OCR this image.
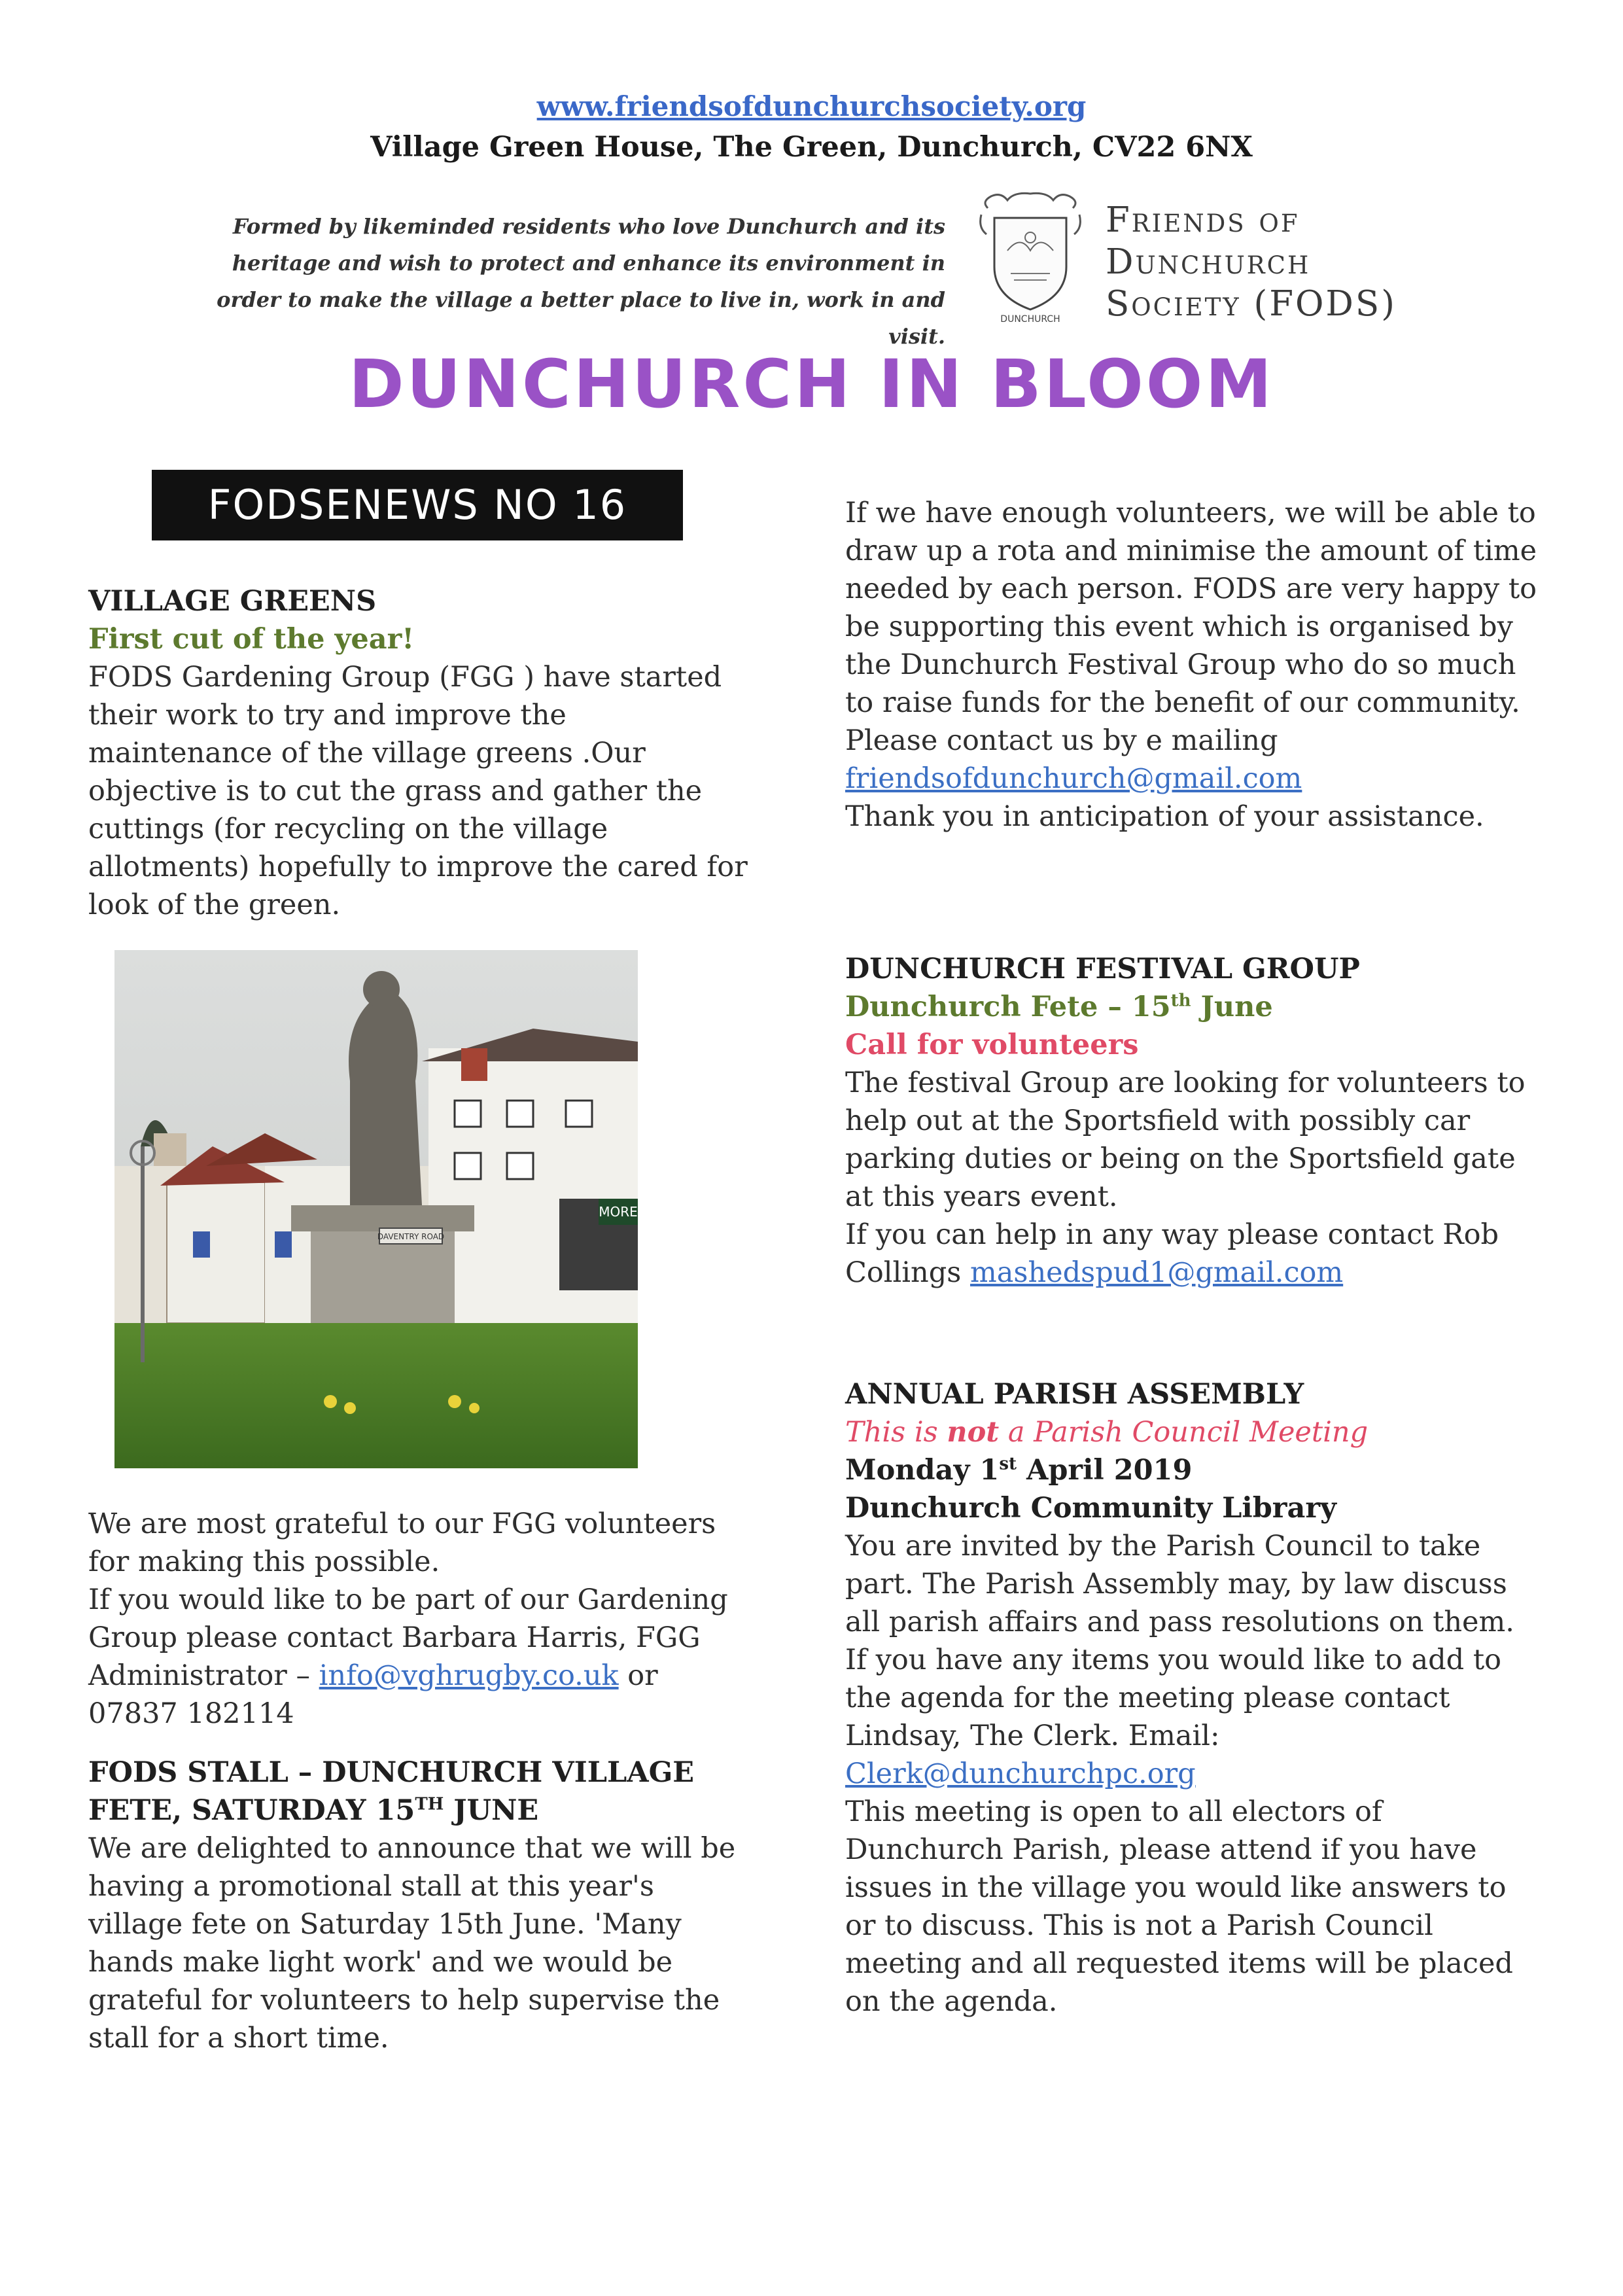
www.friendsofdunchurchsociety.org
Village Green House, The Green, Dunchurch, CV22 6NX
Formed by likeminded residents who love Dunchurch and its heritage and wish to protect and enhance its environment in order to make the village a better place to live in, work in and visit.
DUNCHURCH
Friends of
Dunchurch
Society (FODS)
DUNCHURCH IN BLOOM
FODSENEWS NO 16

VILLAGE GREENS

First cut of the year!

FODS Gardening Group (FGG ) have started their work to try and improve the maintenance of the village greens .Our objective is to cut the grass and gather the cuttings (for recycling on the village allotments) hopefully to improve the cared for look of the green.

MORE
DAVENTRY ROAD

We are most grateful to our FGG volunteers for making this possible.

If you would like to be part of our Gardening Group please contact Barbara Harris, FGG Administrator – info@vghrugby.co.uk or 07837 182114

FODS STALL – DUNCHURCH VILLAGE FETE, SATURDAY 15TH JUNE

We are delighted to announce that we will be having a promotional stall at this year's village fete on Saturday 15th June. 'Many hands make light work' and we would be grateful for volunteers to help supervise the stall for a short time.

If we have enough volunteers, we will be able to draw up a rota and minimise the amount of time needed by each person. FODS are very happy to be supporting this event which is organised by the Dunchurch Festival Group who do so much to raise funds for the benefit of our community. Please contact us by e mailing friendsofdunchurch@gmail.com

Thank you in anticipation of your assistance.

DUNCHURCH FESTIVAL GROUP

Dunchurch Fete – 15th June

Call for volunteers

The festival Group are looking for volunteers to help out at the Sportsfield with possibly car parking duties or being on the Sportsfield gate at this years event.

If you can help in any way please contact Rob Collings mashedspud1@gmail.com

ANNUAL PARISH ASSEMBLY

This is not a Parish Council Meeting

Monday 1st April 2019

Dunchurch Community Library

You are invited by the Parish Council to take part. The Parish Assembly may, by law discuss all parish affairs and pass resolutions on them.

If you have any items you would like to add to the agenda for the meeting please contact Lindsay, The Clerk. Email:

Clerk@dunchurchpc.org

This meeting is open to all electors of Dunchurch Parish, please attend if you have issues in the village you would like answers to or to discuss. This is not a Parish Council meeting and all requested items will be placed on the agenda.
